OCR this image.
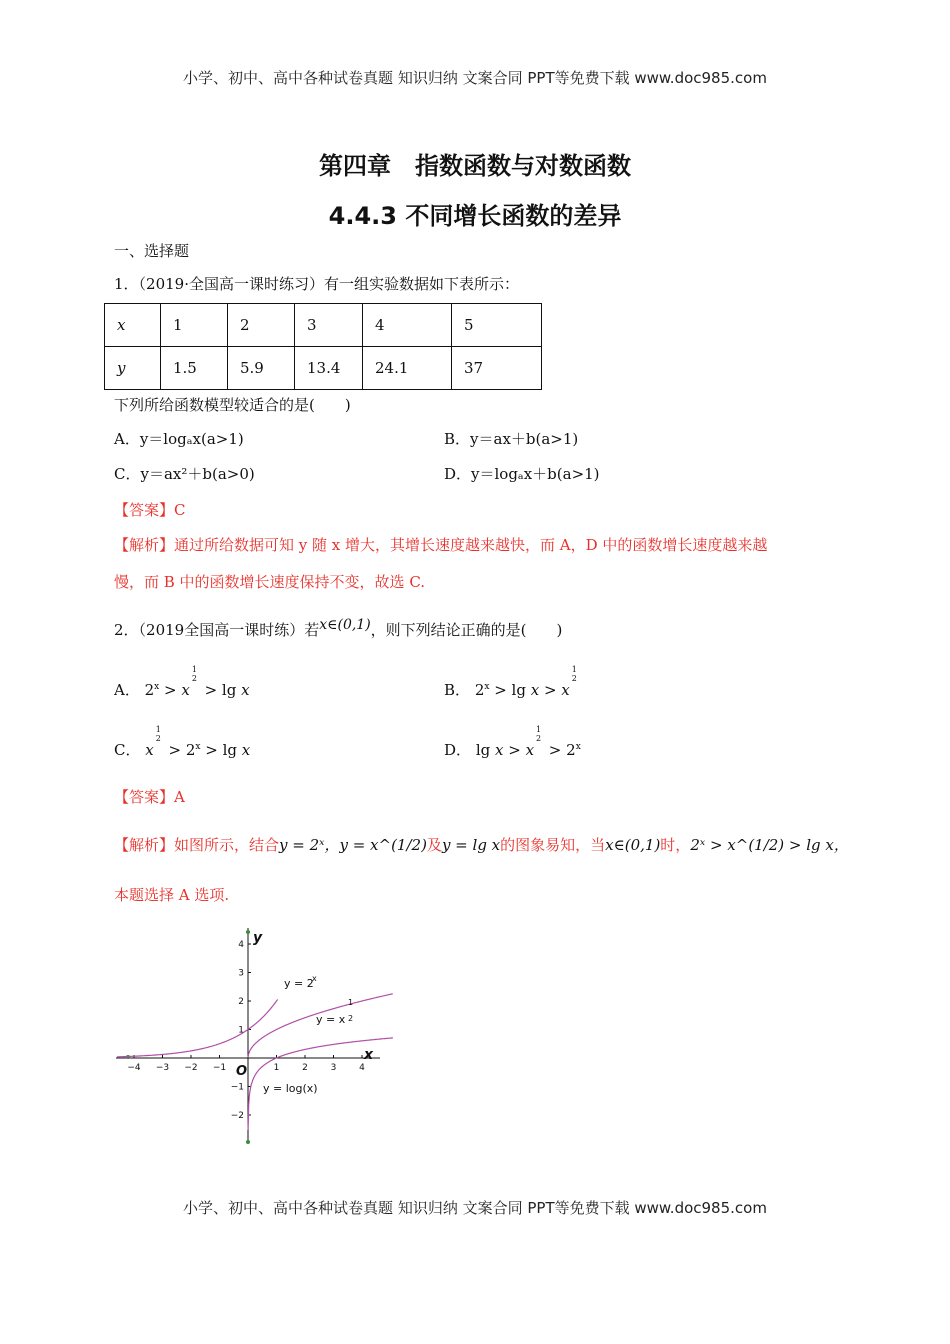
小学、初中、高中各种试卷真题 知识归纳 文案合同 PPT等免费下载 www.doc985.com
第四章　指数函数与对数函数
4.4.3 不同增长函数的差异
一、选择题
1．（2019·全国高一课时练习）有一组实验数据如下表所示：
x	1	2	3	4	5
y	1.5	5.9	13.4	24.1	37
下列所给函数模型较适合的是(　　)
A．y＝logₐx(a>1)	B．y＝ax＋b(a>1)
C．y＝ax²＋b(a>0)	D．y＝logₐx＋b(a>1)
【答案】C
【解析】通过所给数据可知 y 随 x 增大，其增长速度越来越快，而 A，D 中的函数增长速度越来越
慢，而 B 中的函数增长速度保持不变，故选 C.
2．（2019全国高一课时练）若x∈(0,1)，则下列结论正确的是(　　)
A． $2^x > x$
1
2
> lg x	B． $2^x > \lg x > x$
1
2
C． x
1
2
> $2^x > \lg x$	D． lg x > x
1
2
> $2^x$
【答案】A
【解析】如图所示，结合y = 2ˣ，y = x^(1/2)及y = lg x的图象易知，当x∈(0,1)时，2ˣ > x^(1/2) > lg x，
本题选择 A 选项.
−4 −3 −2 −1	1	2	3	4
4
3
2
1
−1
−2
O
y
x
y = 2
x
y = x
1
2
y = log(x)
小学、初中、高中各种试卷真题 知识归纳 文案合同 PPT等免费下载 www.doc985.com
